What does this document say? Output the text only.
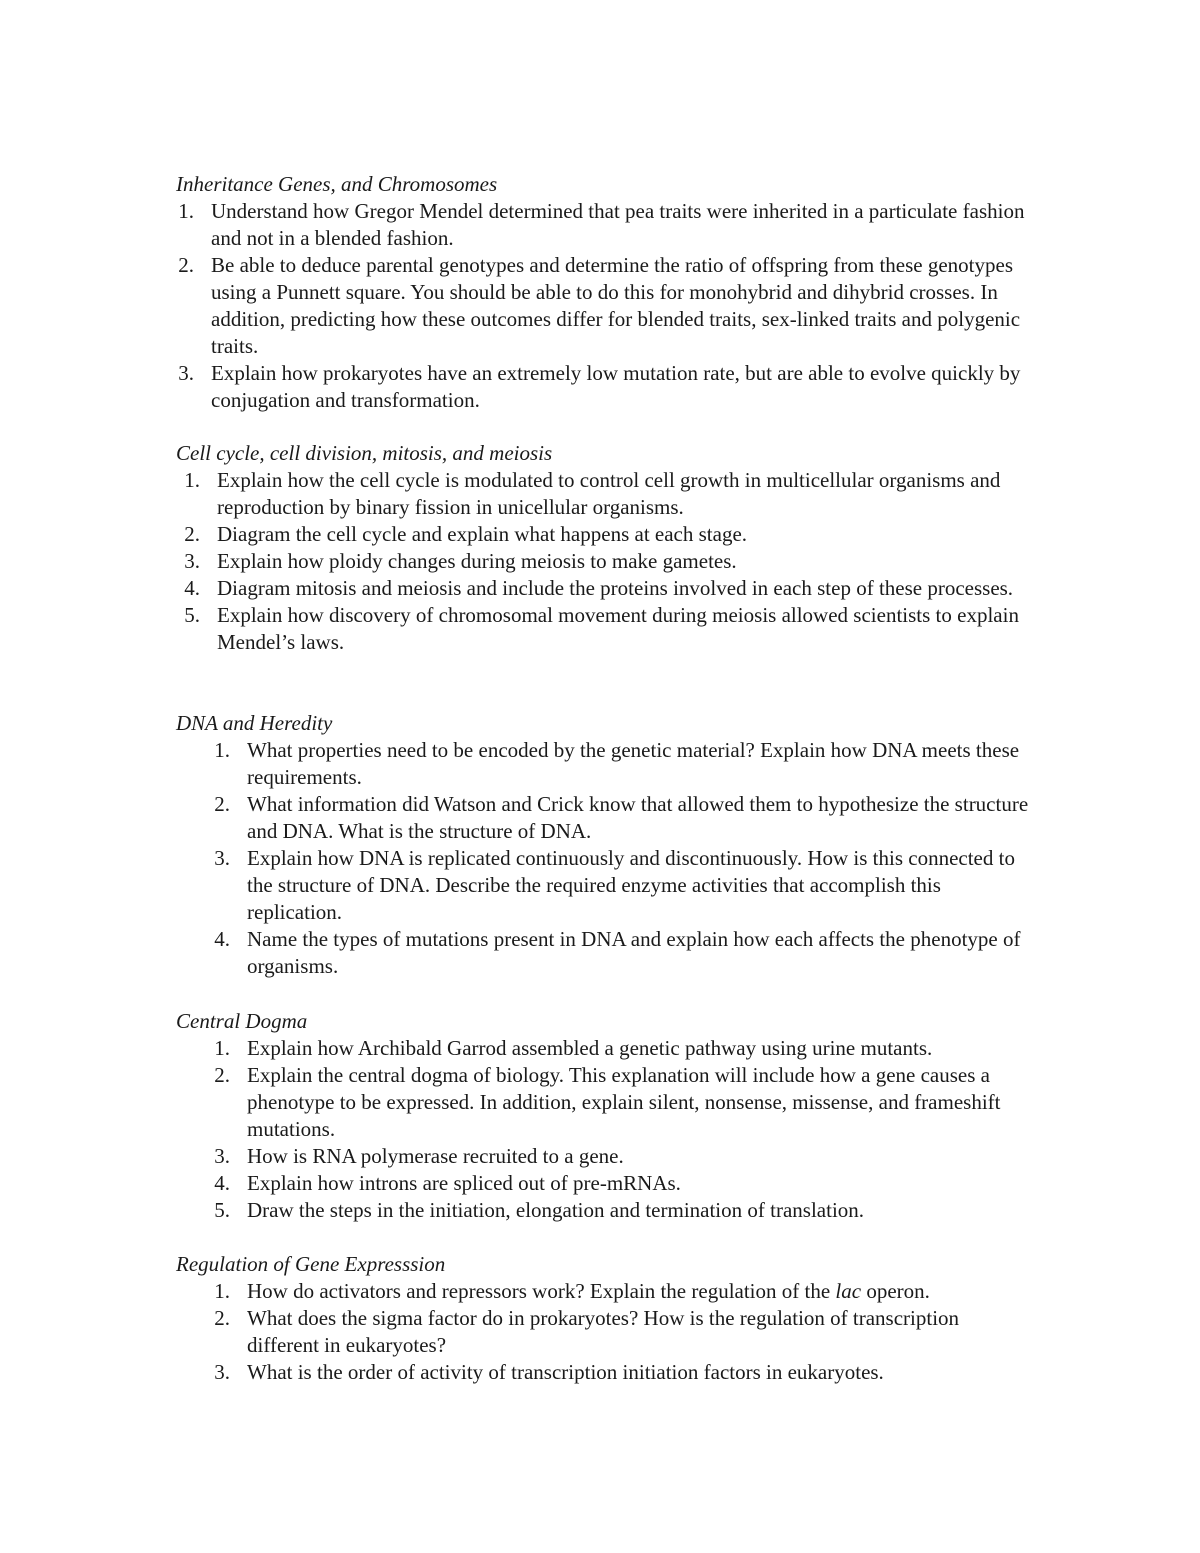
Inheritance Genes, and Chromosomes

1. Understand how Gregor Mendel determined that pea traits were inherited in a particulate fashion and not in a blended fashion.
2. Be able to deduce parental genotypes and determine the ratio of offspring from these genotypes using a Punnett square. You should be able to do this for monohybrid and dihybrid crosses. In addition, predicting how these outcomes differ for blended traits, sex-linked traits and polygenic traits.
3. Explain how prokaryotes have an extremely low mutation rate, but are able to evolve quickly by conjugation and transformation.

Cell cycle, cell division, mitosis, and meiosis

1. Explain how the cell cycle is modulated to control cell growth in multicellular organisms and reproduction by binary fission in unicellular organisms.
2. Diagram the cell cycle and explain what happens at each stage.
3. Explain how ploidy changes during meiosis to make gametes.
4. Diagram mitosis and meiosis and include the proteins involved in each step of these processes.
5. Explain how discovery of chromosomal movement during meiosis allowed scientists to explain Mendel’s laws.

DNA and Heredity

1. What properties need to be encoded by the genetic material? Explain how DNA meets these requirements.
2. What information did Watson and Crick know that allowed them to hypothesize the structure and DNA. What is the structure of DNA.
3. Explain how DNA is replicated continuously and discontinuously. How is this connected to the structure of DNA. Describe the required enzyme activities that accomplish this replication.
4. Name the types of mutations present in DNA and explain how each affects the phenotype of organisms.

Central Dogma

1. Explain how Archibald Garrod assembled a genetic pathway using urine mutants.
2. Explain the central dogma of biology. This explanation will include how a gene causes a phenotype to be expressed. In addition, explain silent, nonsense, missense, and frameshift mutations.
3. How is RNA polymerase recruited to a gene.
4. Explain how introns are spliced out of pre-mRNAs.
5. Draw the steps in the initiation, elongation and termination of translation.

Regulation of Gene Expresssion

1. How do activators and repressors work? Explain the regulation of the lac operon.
2. What does the sigma factor do in prokaryotes? How is the regulation of transcription different in eukaryotes?
3. What is the order of activity of transcription initiation factors in eukaryotes.
